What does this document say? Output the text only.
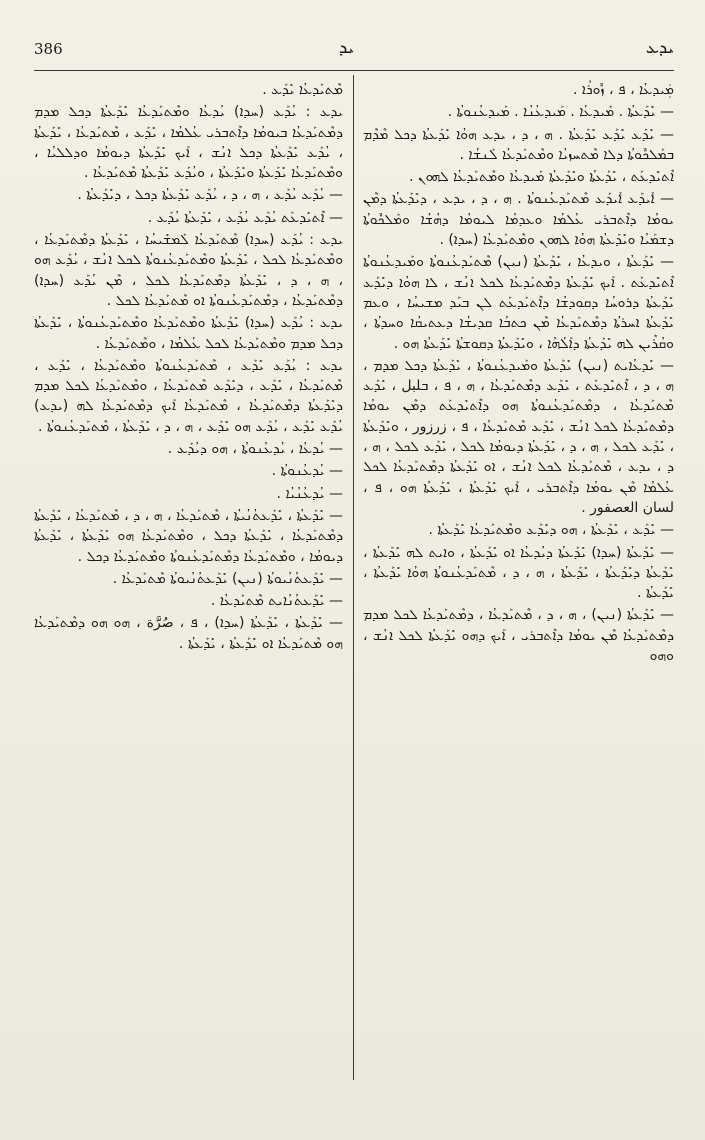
386	ܝܕ	ܝܕܥ

ܡܲܝܕܥܳܐ ، ܦ ، ܙܽܘܪܳܐ .

— ܝܺܕܰܥܬܳܐ . ܡܰܝܕܥܳܐ . ܡܰܝܕܥܳܢܳܐ . ܡܰܝܕܥܳܢܘܬܳܐ .

— ܝܺܕܰܥ ܝܺܕܰܥ ܝܺܕܰܥܬܳܐ . ܗ ، ܕ ، ܝܕܥ ܗܘܳܐ ܝܺܕܰܥܬܳܐ ܕܟܠ ܡܶܕܶܡ ܒܡܰܠܟܽܘܬܳܐ ܕܠܐ ܡܶܬܚܙܝܳܐ ܘܡܶܬܝܰܕܥܳܐ ܠܰܢܫܳܐ .

ܐܶܬܝܺܕܥܰܬ ، ܝܺܕܰܥܬܳܐ ܘܝܺܕܰܥܬܳܐ ܡܰܝܕܥܳܐ ܘܡܶܬܝܰܕܥܳܐ ܠܗܘܢ .

— ܐܺܝܕܰܥ ܐܺܝܕܰܥ ܡܶܬܝܰܕܥܳܢܘܬܳܐ . ܗ ، ܕ ، ܝܕܥ ، ܕܝܺܕܰܥܬܳܐ ܕܡܶܢ ܝܘܡܳܐ ܕܐܶܬܒܪܝ ܥܳܠܡܳܐ ܘܥܕܡܳܐ ܠܝܘܡܳܐ ܕܗܳܫܳܐ ܘܡܰܠܟܽܘܬܳܐ ܕܫܡܰܝܳܐ ܘܝܺܕܰܥܬܳܐ ܗܘܳܐ ܠܗܘܢ ܘܡܶܬܝܰܕܥܳܐ (ܚܕܐ) .

— ܝܺܕܰܥܬܳܐ ، ܘܝܕܥܳܐ ، ܝܺܕܰܥܬܳܐ (ܢܝܢ) ܡܶܬܝܰܕܥܳܢܘܬܳܐ ܘܡܰܝܕܥܳܢܘܬܳܐ ܐܶܬܝܺܕܥܰܬ . ܐܰܝܟ ܝܺܕܰܥܬܳܐ ܕܡܶܬܝܰܕܥܳܐ ܠܟܠ ܐܢܳܫ ، ܠܐ ܗܘܳܐ ܕܝܺܕܰܥ ܝܺܕܰܥܬܳܐ ܕܪܘܚܳܐ ܕܩܘܕܫܳܐ ܕܐܶܬܝܰܕܥܰܬ ܠܢ ܒܝܰܕ ܡܫܝܚܳܐ ، ܘܥܡ ܝܺܕܰܥܬܳܐ ܐܚܪܬܳܐ ܕܡܶܬܝܰܕܥܳܐ ܡܶܢ ܟܬܒܳܐ ܩܕܝܫܳܐ ܕܥܬܝܩܳܐ ܘܚܕܬܳܐ ، ܘܩܳܪܶܝܢ ܠܗ ܝܺܕܰܥܬܳܐ ܕܐܰܠܳܗܳܐ ، ܘܝܺܕܰܥܬܳܐ ܕܩܘܫܬܳܐ ܝܺܕܰܥܬܳܐ ܗܘ .

— ܝܺܕܥܳܐܝܬ (ܢܝܢ) ܝܺܕܰܥܬܳܐ ܘܡܰܝܕܥܳܢܘܬܳܐ ، ܝܺܕܰܥܬܳܐ ܕܟܠ ܡܕܡ ، ܗ ، ܕ ، ܐܶܬܝܺܕܥܰܬ ، ܝܺܕܰܥ ܕܡܶܬܝܰܕܥܳܐ ، ܗ ، ܦ ، ܒلبل ، ܝܺܕܰܥ ܡܶܬܝܰܕܥܳܐ ، ܕܡܶܬܝܰܕܥܳܢܘܬܳܐ ܗܘ ܕܐܶܬܝܺܕܥܰܬ ܕܡܶܢ ܝܘܡܳܐ ܕܡܶܬܝܰܕܥܳܐ ܠܟܠ ܐܢܳܫ ، ܝܺܕܰܥ ܡܶܬܝܰܕܥܳܐ ، ܦ ، زرزور ، ܘܝܺܕܰܥܬܳܐ ، ܝܺܕܰܥ ܠܟܠ ، ܗ ، ܕ ، ܝܺܕܰܥܬܳܐ ܕܝܘܡܳܐ ܠܟܠ ، ܝܺܕܰܥ ܠܟܠ ، ܗ ، ܕ ، ܝܕܥ ، ܡܶܬܝܰܕܥܳܐ ܠܟܠ ܐܢܳܫ ، ܐܘ ܝܺܕܰܥܬܳܐ ܕܡܶܬܝܰܕܥܳܐ ܠܟܠ ܥܳܠܡܳܐ ܡܶܢ ܝܘܡܳܐ ܕܐܶܬܒܪܝ ، ܐܰܝܟ ܝܺܕܰܥܬܳܐ ، ܝܺܕܰܥܬܳܐ ܗܘ ، ܦ ، لسان العصفور .

— ܝܺܕܰܥ ، ܝܺܕܰܥܬܳܐ ، ܗܘ ܕܝܺܕܰܥ ܘܡܶܬܝܰܕܥܳܐ ܝܺܕܰܥܬܳܐ .

— ܝܺܕܰܥܬܳܐ (ܚܕܐ) ܝܺܕܰܥܬܳܐ ܕܝܳܕܥܳܐ ܐܘ ܝܺܕܰܥܬܳܐ ، ܘܐܝܬ ܠܗ ܝܺܕܰܥܬܳܐ ، ܝܺܕܰܥܬܳܐ ܕܝܺܕܰܥܬܳܐ ، ܝܺܕܰܥܬܳܐ ، ܗ ، ܕ ، ܡܶܬܝܰܕܥܳܢܘܬܳܐ ܗܘܳܐ ܝܺܕܰܥܬܳܐ ، ܝܺܕܰܥܬܳܐ .

— ܝܺܕܰܥܬܳܐ (ܢܝܢ) ، ܗ ، ܕ ، ܡܶܬܝܰܕܥܳܐ ، ܕܡܶܬܝܰܕܥܳܐ ܠܟܠ ܡܕܡ ܕܡܶܬܝܰܕܥܳܐ ܡܶܢ ܝܘܡܳܐ ܕܐܶܬܒܪܝ ، ܐܰܝܟ ܕܗܘ ܝܺܕܰܥܬܳܐ ܠܟܠ ܐܢܳܫ ، ܘܗܘ

ܡܶܬܝܰܕܥܳܐ ܝܺܕܰܥ .

ܝܕܥ : ܝܳܕܰܥ (ܚܕܐ) ܝܳܕܥܳܐ ܘܡܶܬܝܰܕܥܳܐ ܝܺܕܰܥܬܳܐ ܕܟܠ ܡܕܡ ܕܡܶܬܝܰܕܥܳܐ ܒܝܘܡܳܐ ܕܐܶܬܒܪܝ ܥܳܠܡܳܐ ، ܝܺܕܰܥ ، ܡܶܬܝܰܕܥܳܐ ، ܝܺܕܰܥܬܳܐ ، ܝܳܕܰܥ ܝܺܕܰܥܬܳܐ ܕܟܠ ܐܢܳܫ ، ܐܰܝܟ ܝܺܕܰܥܬܳܐ ܕܝܘܡܳܐ ܘܕܠܠܝܳܐ ، ܘܡܶܬܝܰܕܥܳܐ ܝܺܕܰܥܬܳܐ ܘܝܺܕܰܥܬܳܐ ، ܘܝܳܕܰܥ ܝܺܕܰܥܬܳܐ ܡܶܬܝܰܕܥܳܐ .

— ܝܳܕܰܥ ܝܳܕܰܥ ، ܗ ، ܕ ، ܝܳܕܰܥ ܝܺܕܰܥܬܳܐ ܕܟܠ ، ܕܝܺܕܰܥܬܳܐ .

— ܐܶܬܝܺܕܥܰܬ ܝܳܕܰܥ ܝܳܕܰܥ ، ܝܺܕܰܥܬܳܐ ܝܳܕܰܥ .

ܝܕܥ : ܝܳܕܰܥ (ܚܕܐ) ܡܶܬܝܰܕܥܳܐ ܠܰܡܫܺܝܚܳܐ ، ܝܺܕܰܥܬܳܐ ܕܡܶܬܝܰܕܥܳܐ ، ܘܡܶܬܝܰܕܥܳܐ ܠܟܠ ، ܝܺܕܰܥܬܳܐ ܘܡܶܬܝܰܕܥܳܢܘܬܳܐ ܠܟܠ ܐܢܳܫ ، ܝܳܕܰܥ ܗܘ ، ܗ ، ܕ ، ܝܺܕܰܥܬܳܐ ܕܡܶܬܝܰܕܥܳܐ ܠܟܠ ، ܡܶܢ ܝܳܕܰܥ (ܚܕܐ) ܕܡܶܬܝܰܕܥܳܐ ، ܕܡܶܬܝܰܕܥܳܢܘܬܳܐ ܐܘ ܡܶܬܝܰܕܥܳܐ ܠܟܠ .

ܝܕܥ : ܝܳܕܰܥ (ܚܕܐ) ܝܺܕܰܥܬܳܐ ܘܡܶܬܝܰܕܥܳܐ ܘܡܶܬܝܰܕܥܳܢܘܬܳܐ ، ܝܺܕܰܥܬܳܐ ܕܟܠ ܡܕܡ ܘܡܶܬܝܰܕܥܳܐ ܠܟܠ ܥܳܠܡܳܐ ، ܘܡܶܬܝܰܕܥܳܐ .

ܝܕܥ : ܝܳܕܰܥ ܝܺܕܰܥ ، ܡܶܬܝܰܕܥܳܢܘܬܳܐ ܘܡܶܬܝܰܕܥܳܐ ، ܝܺܕܰܥ ، ܡܶܬܝܰܕܥܳܐ ، ܝܺܕܰܥ ، ܕܝܺܕܰܥ ܡܶܬܝܰܕܥܳܐ ، ܘܡܶܬܝܰܕܥܳܐ ܠܟܠ ܡܕܡ ܕܝܺܕܰܥܬܳܐ ܕܡܶܬܝܰܕܥܳܐ ، ܡܶܬܝܰܕܥܳܐ ܐܰܝܟ ܕܡܶܬܝܰܕܥܳܐ ܠܗ (ܝܕܥ) ܝܳܕܰܥ ܝܺܕܰܥ ، ܝܳܕܰܥ ܗܘ ܝܺܕܰܥ ، ܗ ، ܕ ، ܝܺܕܰܥܬܳܐ ، ܡܶܬܝܰܕܥܳܢܘܬܳܐ .

— ܝܳܕܥܳܐ ، ܝܳܕܥܳܢܘܬܳܐ ، ܗܘ ܕܝܳܕܰܥ .

— ܝܳܕܥܳܢܘܬܳܐ .

— ܝܳܕܥܳܢܳܝܳܐ .

— ܝܺܕܰܥܬܳܐ ، ܝܺܕܰܥܬܳܢܳܝܬܳܐ ، ܡܶܬܝܰܕܥܳܐ ، ܗ ، ܕ ، ܡܶܬܝܰܕܥܳܐ ، ܝܺܕܰܥܬܳܐ ܕܡܶܬܝܰܕܥܳܐ ، ܝܺܕܰܥܬܳܐ ܕܟܠ ، ܘܡܶܬܝܰܕܥܳܐ ܗܘ ܝܺܕܰܥܬܳܐ ، ܝܺܕܰܥܬܳܐ ܕܝܘܡܳܐ ، ܘܡܶܬܝܰܕܥܳܐ ܕܡܶܬܝܰܕܥܳܢܘܬܳܐ ܘܡܶܬܝܰܕܥܳܐ ܕܟܠ .

— ܝܺܕܰܥܬܳܢܳܝܘܬܳܐ (ܢܝܢ) ܝܺܕܰܥܬܳܢܳܝܘܬܳܐ ܡܶܬܝܰܕܥܳܐ .

— ܝܺܕܰܥܬܳܢܳܐܝܬ ܡܶܬܝܰܕܥܳܐ .

— ܝܺܕܰܥܬܳܐ ، ܝܺܕܰܥܬܳܐ (ܚܕܐ) ، ܦ ، صُرَّة ، ܗܘ ܗܘ ܕܡܶܬܝܰܕܥܳܐ ܗܘ ܡܶܬܝܰܕܥܳܐ ܐܘ ܝܺܕܰܥܬܳܐ ، ܝܺܕܰܥܬܳܐ .
